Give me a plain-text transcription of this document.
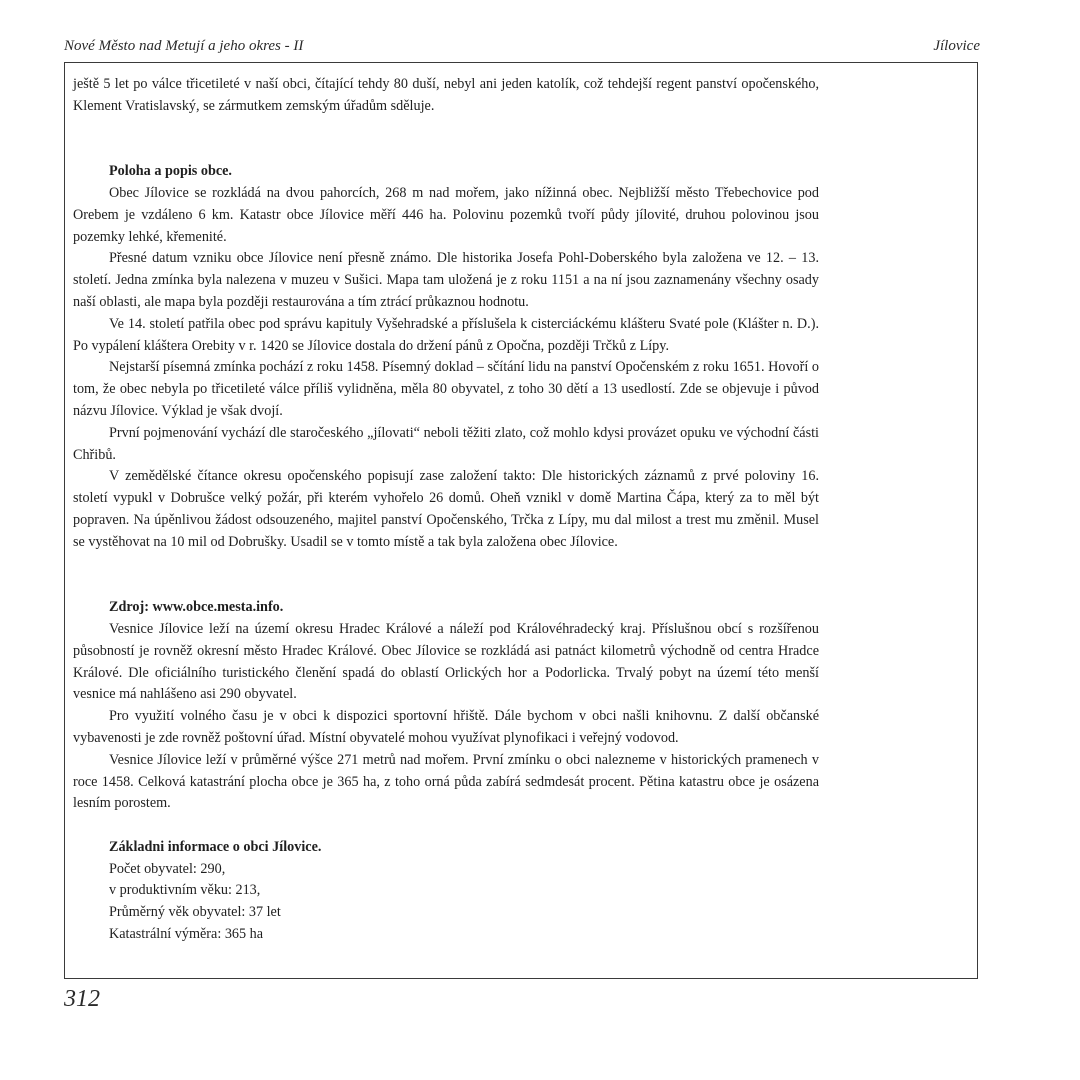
Nové Město nad Metují a jeho okres - II	Jílovice

ještě 5 let po válce třicetileté v naší obci, čítající tehdy 80 duší, nebyl ani jeden katolík, což tehdejší regent panství opočenského, Klement Vratislavský, se zármutkem zemským úřadům sděluje.

Poloha a popis obce.

Obec Jílovice se rozkládá na dvou pahorcích, 268 m nad mořem, jako nížinná obec. Nejbližší město Třebechovice pod Orebem je vzdáleno 6 km. Katastr obce Jílovice měří 446 ha. Polovinu pozemků tvoří půdy jílovité, druhou polovinou jsou pozemky lehké, křemenité.

Přesné datum vzniku obce Jílovice není přesně známo. Dle historika Josefa Pohl-Doberského byla založena ve 12. – 13. století. Jedna zmínka byla nalezena v muzeu v Sušici. Mapa tam uložená je z roku 1151 a na ní jsou zaznamenány všechny osady naší oblasti, ale mapa byla později restaurována a tím ztrácí průkaznou hodnotu.

Ve 14. století patřila obec pod správu kapituly Vyšehradské a příslušela k cisterciáckému klášteru Svaté pole (Klášter n. D.). Po vypálení kláštera Orebity v r. 1420 se Jílovice dostala do držení pánů z Opočna, později Trčků z Lípy.

Nejstarší písemná zmínka pochází z roku 1458. Písemný doklad – sčítání lidu na panství Opočenském z roku 1651. Hovoří o tom, že obec nebyla po třicetileté válce příliš vylidněna, měla 80 obyvatel, z toho 30 dětí a 13 usedlostí. Zde se objevuje i původ názvu Jílovice. Výklad je však dvojí.

První pojmenování vychází dle staročeského „jílovati“ neboli těžiti zlato, což mohlo kdysi provázet opuku ve východní části Chřibů.

V zemědělské čítance okresu opočenského popisují zase založení takto: Dle historických záznamů z prvé poloviny 16. století vypukl v Dobrušce velký požár, při kterém vyhořelo 26 domů. Oheň vznikl v domě Martina Čápa, který za to měl být popraven. Na úpěnlivou žádost odsouzeného, majitel panství Opočenského, Trčka z Lípy, mu dal milost a trest mu změnil. Musel se vystěhovat na 10 mil od Dobrušky. Usadil se v tomto místě a tak byla založena obec Jílovice.

Zdroj: www.obce.mesta.info.

Vesnice Jílovice leží na území okresu Hradec Králové a náleží pod Královéhradecký kraj. Příslušnou obcí s rozšířenou působností je rovněž okresní město Hradec Králové. Obec Jílovice se rozkládá asi patnáct kilometrů východně od centra Hradce Králové. Dle oficiálního turistického členění spadá do oblastí Orlických hor a Podorlicka. Trvalý pobyt na území této menší vesnice má nahlášeno asi 290 obyvatel.

Pro využití volného času je v obci k dispozici sportovní hřiště. Dále bychom v obci našli knihovnu. Z další občanské vybavenosti je zde rovněž poštovní úřad. Místní obyvatelé mohou využívat plynofikaci i veřejný vodovod.

Vesnice Jílovice leží v průměrné výšce 271 metrů nad mořem. První zmínku o obci nalezneme v historických pramenech v roce 1458. Celková katastrání plocha obce je 365 ha, z toho orná půda zabírá sedmdesát procent. Pětina katastru obce je osázena lesním porostem.

Základni informace o obci Jílovice.

Počet obyvatel: 290,

v produktivním věku: 213,

Průměrný věk obyvatel: 37 let

Katastrální výměra: 365 ha

312
